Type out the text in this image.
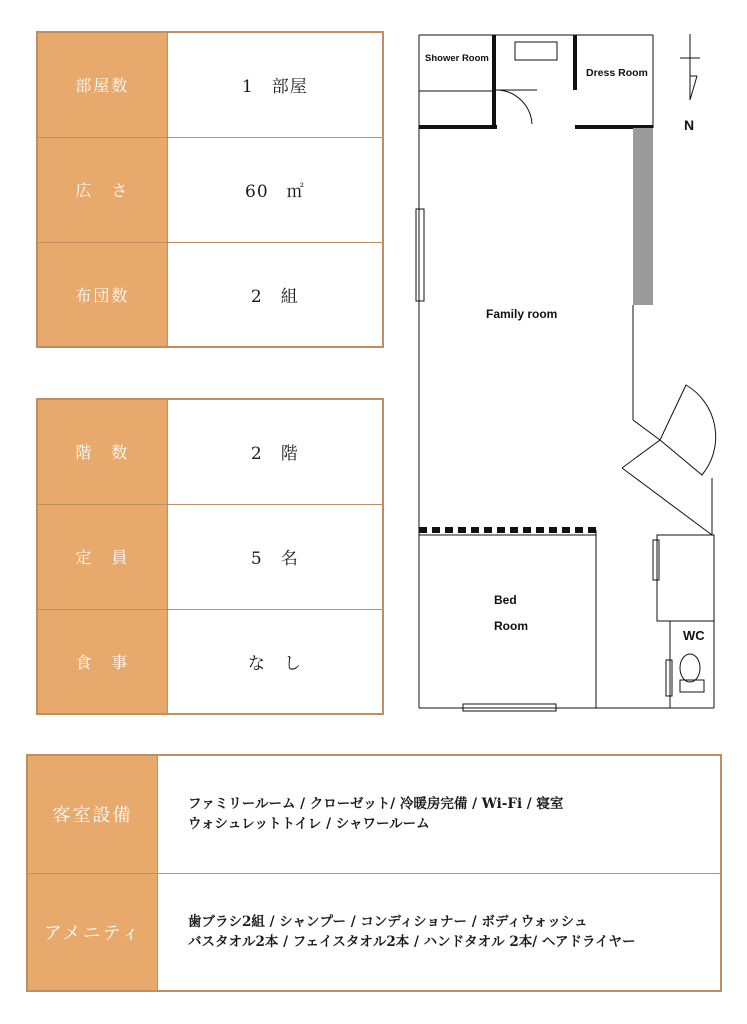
部屋数	1　部屋
広　さ	60　㎡
布団数	2　組
階　数	2　階
定　員	5　名
食　事	な　し
Shower Room
Dress Room
Family room
Bed
Room
WC
N
客室設備	ファミリールーム / クローゼット/ 冷暖房完備 / Wi-Fi / 寝室
ウォシュレットトイレ / シャワールーム

アメニティ	歯ブラシ2組 / シャンプー / コンディショナー / ボディウォッシュ
バスタオル2本 / フェイスタオル2本 / ハンドタオル 2本/ ヘアドライヤー
